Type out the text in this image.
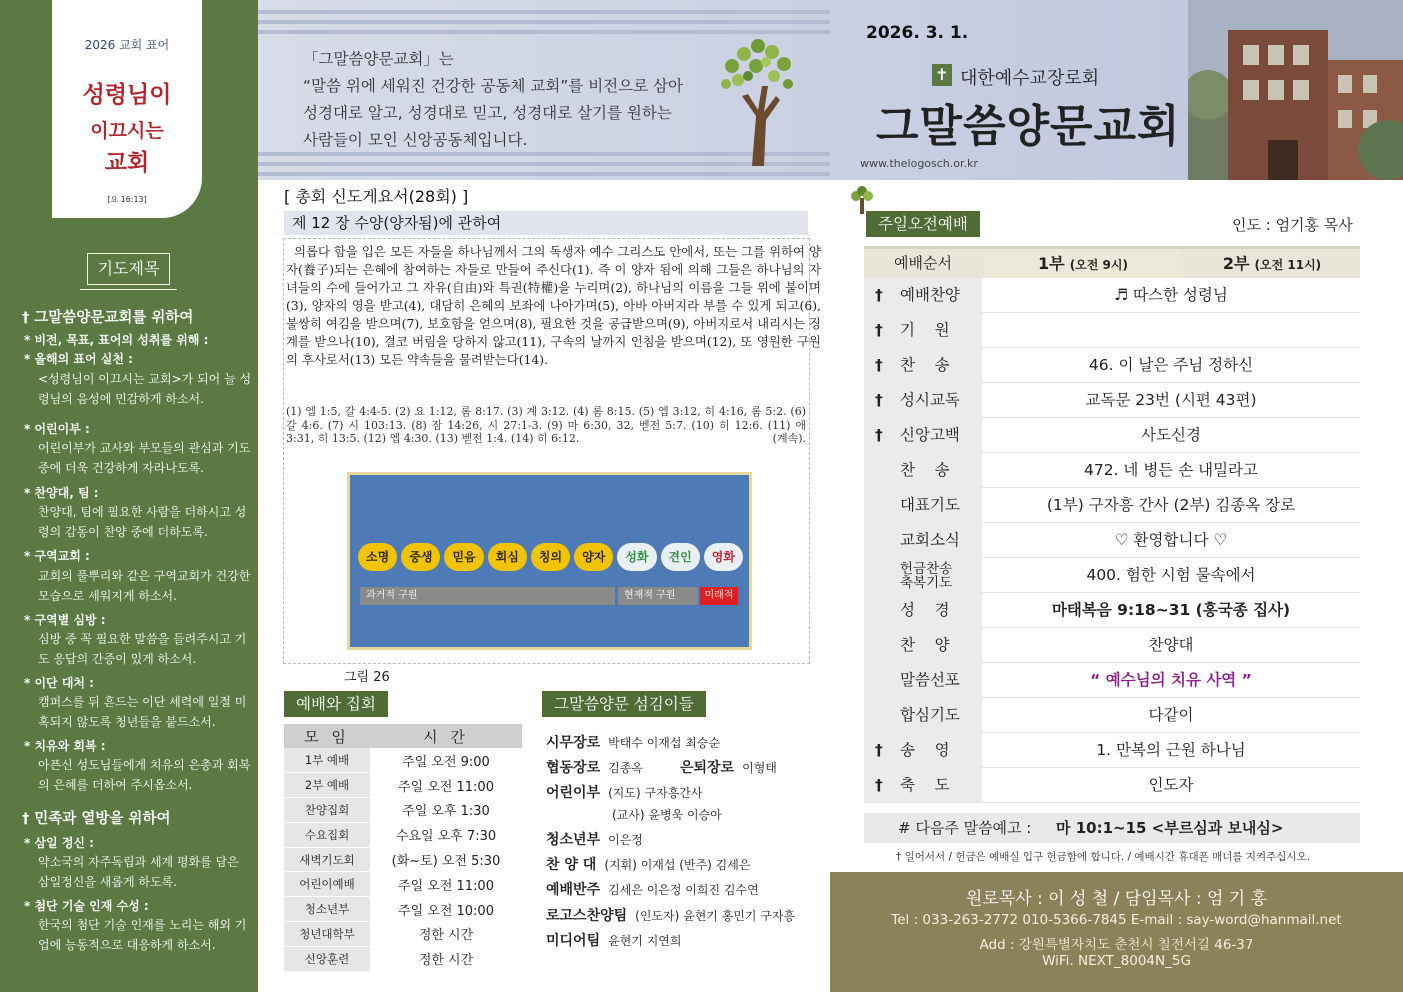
2026 교회 표어
성령님이
이끄시는
교회
[요 16:13]
기도제목
† 그말씀양문교회를 위하여
* 비전, 목표, 표어의 성취를 위해 :
* 올해의 표어 실천 :
<성령님이 이끄시는 교회>가 되어 늘 성령님의 음성에 민감하게 하소서.
* 어린이부 :
어린이부가 교사와 부모들의 관심과 기도 중에 더욱 건강하게 자라나도록.
* 찬양대, 팀 :
찬양대, 팀에 필요한 사람을 더하시고 성령의 감동이 찬양 중에 더하도록.
* 구역교회 :
교회의 풀뿌리와 같은 구역교회가 건강한 모습으로 세워지게 하소서.
* 구역별 심방 :
심방 중 꼭 필요한 말씀을 들려주시고 기도 응답의 간증이 있게 하소서.
* 이단 대처 :
캠퍼스를 뒤 흔드는 이단 세력에 일절 미혹되지 않도록 청년들을 붙드소서.
* 치유와 회복 :
아픈신 성도님들에게 치유의 은총과 회복의 은혜를 더하여 주시옵소서.
† 민족과 열방을 위하여
* 삼일 정신 :
약소국의 자주독립과 세계 평화를 담은 삼일정신을 새롭게 하도록.
* 첨단 기술 인재 수성 :
한국의 첨단 기술 인재를 노리는 해외 기업에 능동적으로 대응하게 하소서.
「그말씀양문교회」는
“말씀 위에 세워진 건강한 공동체 교회”를 비전으로 삼아
성경대로 알고, 성경대로 믿고, 성경대로 살기를 원하는
사람들이 모인 신앙공동체입니다.
2026. 3. 1.
✝ 대한예수교장로회
그말씀양문교회
www.thelogosch.or.kr
[ 총회 신도게요서(28회) ]
제 12 장 수양(양자됨)에 관하여
의롭다 함을 입은 모든 자들을 하나님께서 그의 독생자 예수 그리스도 안에서, 또는 그를 위하여 양자(養子)되는 은혜에 참여하는 자들로 만들어 주신다(1). 즉 이 양자 됨에 의해 그들은 하나님의 자녀들의 수에 들어가고 그 자유(自由)와 특권(特權)을 누리며(2), 하나님의 이름을 그들 위에 붙이며(3), 양자의 영을 받고(4), 대담히 은혜의 보좌에 나아가며(5), 아바 아버지라 부를 수 있게 되고(6), 불쌍히 여김을 받으며(7), 보호함을 얻으며(8), 필요한 것을 공급받으며(9), 아버지로서 내리시는 징계를 받으나(10), 결코 버림을 당하지 않고(11), 구속의 날까지 인침을 받으며(12), 또 영원한 구원의 후사로서(13) 모든 약속들을 물려받는다(14).
(1) 엡 1:5, 갈 4:4-5. (2) 요 1:12, 롬 8:17. (3) 계 3:12. (4) 롬 8:15. (5) 엡 3:12, 히 4:16, 롬 5:2. (6) 갈 4:6. (7) 시 103:13. (8) 잠 14:26, 시 27:1-3. (9) 마 6:30, 32, 벧전 5:7. (10) 히 12:6. (11) 애 3:31, 히 13:5. (12) 엡 4:30. (13) 벧전 1:4. (14) 히 6:12.	(계속).
소명	중생	믿음	회심	칭의	양자	성화	견인	영화
과거적 구원	현재적 구원	미래적
그림 26
예배와 집회
모 임	시 간
1부 예배	주일 오전 9:00
2부 예배	주일 오전 11:00
찬양집회	주일 오후 1:30
수요집회	수요일 오후 7:30
새벽기도회	(화~토) 오전 5:30
어린이예배	주일 오전 11:00
청소년부	주일 오전 10:00
청년대학부	정한 시간
신앙훈련	정한 시간
그말씀양문 섬김이들
시무장로 박태수 이재섭 최승순
협동장로 김종옥	은퇴장로 이형태
어린이부 (지도) 구자흥간사
(교사) 윤병욱 이승아
청소년부 이은정
찬 양 대 (지휘) 이재섭 (반주) 김세은
예배반주 김세은 이은정 이희진 김수연
로고스찬양팀 (인도자) 윤현기 홍민기 구자흥
미디어팀 윤현기 지연희
주일오전예배	인도 : 엄기홍 목사
예배순서	1부 (오전 9시)	2부 (오전 11시)
† 예배찬양	♬ 따스한 성령님
† 기    원
† 찬    송	46. 이 날은 주님 정하신
† 성시교독	교독문 23번 (시편 43편)
† 신앙고백	사도신경
찬    송	472. 네 병든 손 내밀라고
대표기도	(1부) 구자흥 간사 (2부) 김종옥 장로
교회소식	♡ 환영합니다 ♡
헌금찬송
축복기도	400. 험한 시험 물속에서
성    경	마태복음 9:18~31 (홍국종 집사)
찬    양	찬양대
말씀선포	“ 예수님의 치유 사역 ”
합심기도	다같이
† 송    영	1. 만복의 근원 하나님
† 축    도	인도자
# 다음주 말씀예고 : 마 10:1~15 <부르심과 보내심>
† 일어서서 / 헌금은 예배실 입구 헌금함에 합니다. / 예배시간 휴대폰 매너를 지켜주십시오.
원로목사 : 이 성 철 / 담임목사 : 엄 기 홍
Tel : 033-263-2772 010-5366-7845 E-mail : say-word@hanmail.net
Add : 강원특별자치도 춘천시 칠전서길 46-37
WiFi. NEXT_8004N_5G
